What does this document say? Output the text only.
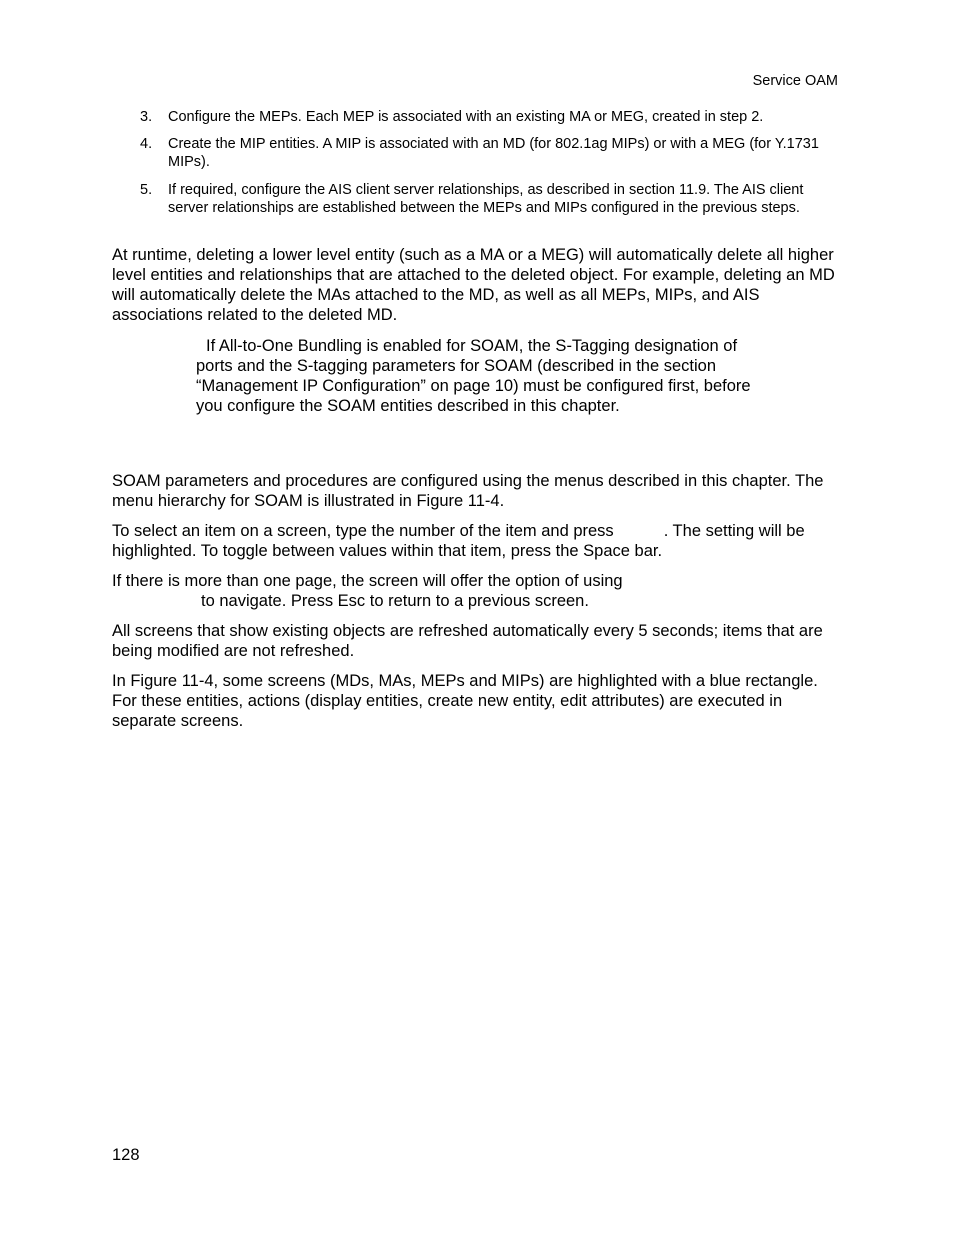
Service OAM
3.	Configure the MEPs. Each MEP is associated with an existing MA or MEG, created in step 2.
4.	Create the MIP entities. A MIP is associated with an MD (for 802.1ag MIPs) or with a MEG (for Y.1731 MIPs).
5.	If required, configure the AIS client server relationships, as described in section 11.9. The AIS client server relationships are established between the MEPs and MIPs configured in the previous steps.
At runtime, deleting a lower level entity (such as a MA or a MEG) will automatically delete all higher level entities and relationships that are attached to the deleted object. For example, deleting an MD will automatically delete the MAs attached to the MD, as well as all MEPs, MIPs, and AIS associations related to the deleted MD.
If All-to-One Bundling is enabled for SOAM, the S-Tagging designation of ports and the S-tagging parameters for SOAM (described in the section “Management IP Configuration” on page 10) must be configured first, before you configure the SOAM entities described in this chapter.
SOAM parameters and procedures are configured using the menus described in this chapter. The menu hierarchy for SOAM is illustrated in Figure 11-4.
To select an item on a screen, type the number of the item and press	. The setting will be highlighted. To toggle between values within that item, press the Space bar.
If there is more than one page, the screen will offer the option of using
to navigate. Press Esc to return to a previous screen.
All screens that show existing objects are refreshed automatically every 5 seconds; items that are being modified are not refreshed.
In Figure 11-4, some screens (MDs, MAs, MEPs and MIPs) are highlighted with a blue rectangle. For these entities, actions (display entities, create new entity, edit attributes) are executed in separate screens.
128
